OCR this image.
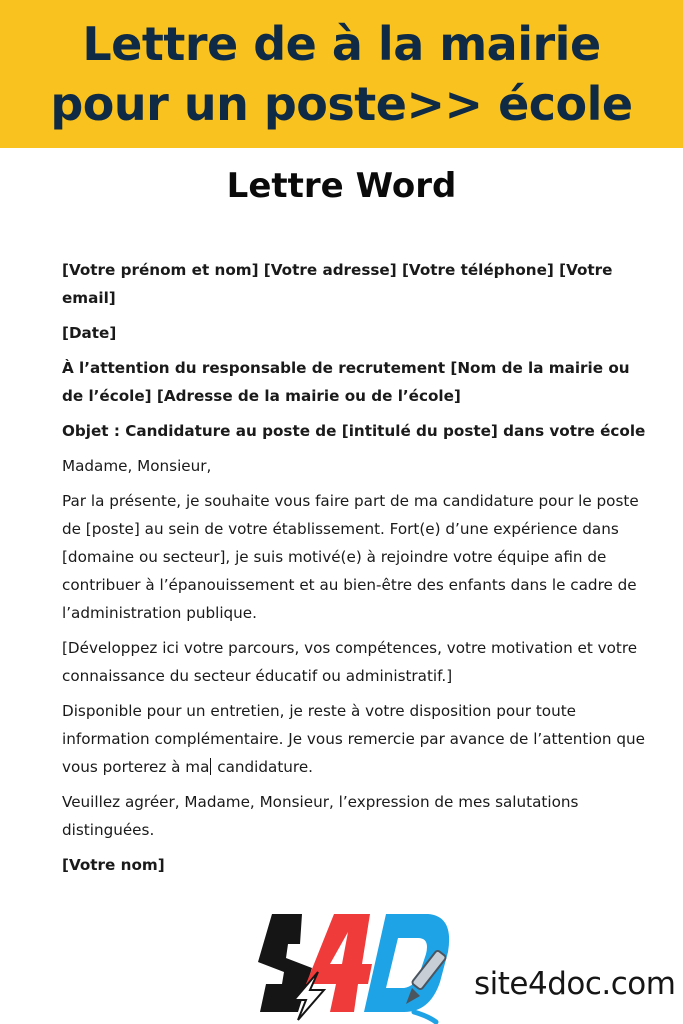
Lettre de à la mairie
pour un poste>> école
Lettre Word

[Votre prénom et nom] [Votre adresse] [Votre téléphone] [Votre email]

[Date]

À l’attention du responsable de recrutement [Nom de la mairie ou de l’école] [Adresse de la mairie ou de l’école]

Objet : Candidature au poste de [intitulé du poste] dans votre école

Madame, Monsieur,

Par la présente, je souhaite vous faire part de ma candidature pour le poste de [poste] au sein de votre établissement. Fort(e) d’une expérience dans [domaine ou secteur], je suis motivé(e) à rejoindre votre équipe afin de contribuer à l’épanouissement et au bien-être des enfants dans le cadre de l’administration publique.

[Développez ici votre parcours, vos compétences, votre motivation et votre connaissance du secteur éducatif ou administratif.]

Disponible pour un entretien, je reste à votre disposition pour toute information complémentaire. Je vous remercie par avance de l’attention que vous porterez à ma candidature.

Veuillez agréer, Madame, Monsieur, l’expression de mes salutations distinguées.

[Votre nom]

site4doc.com
